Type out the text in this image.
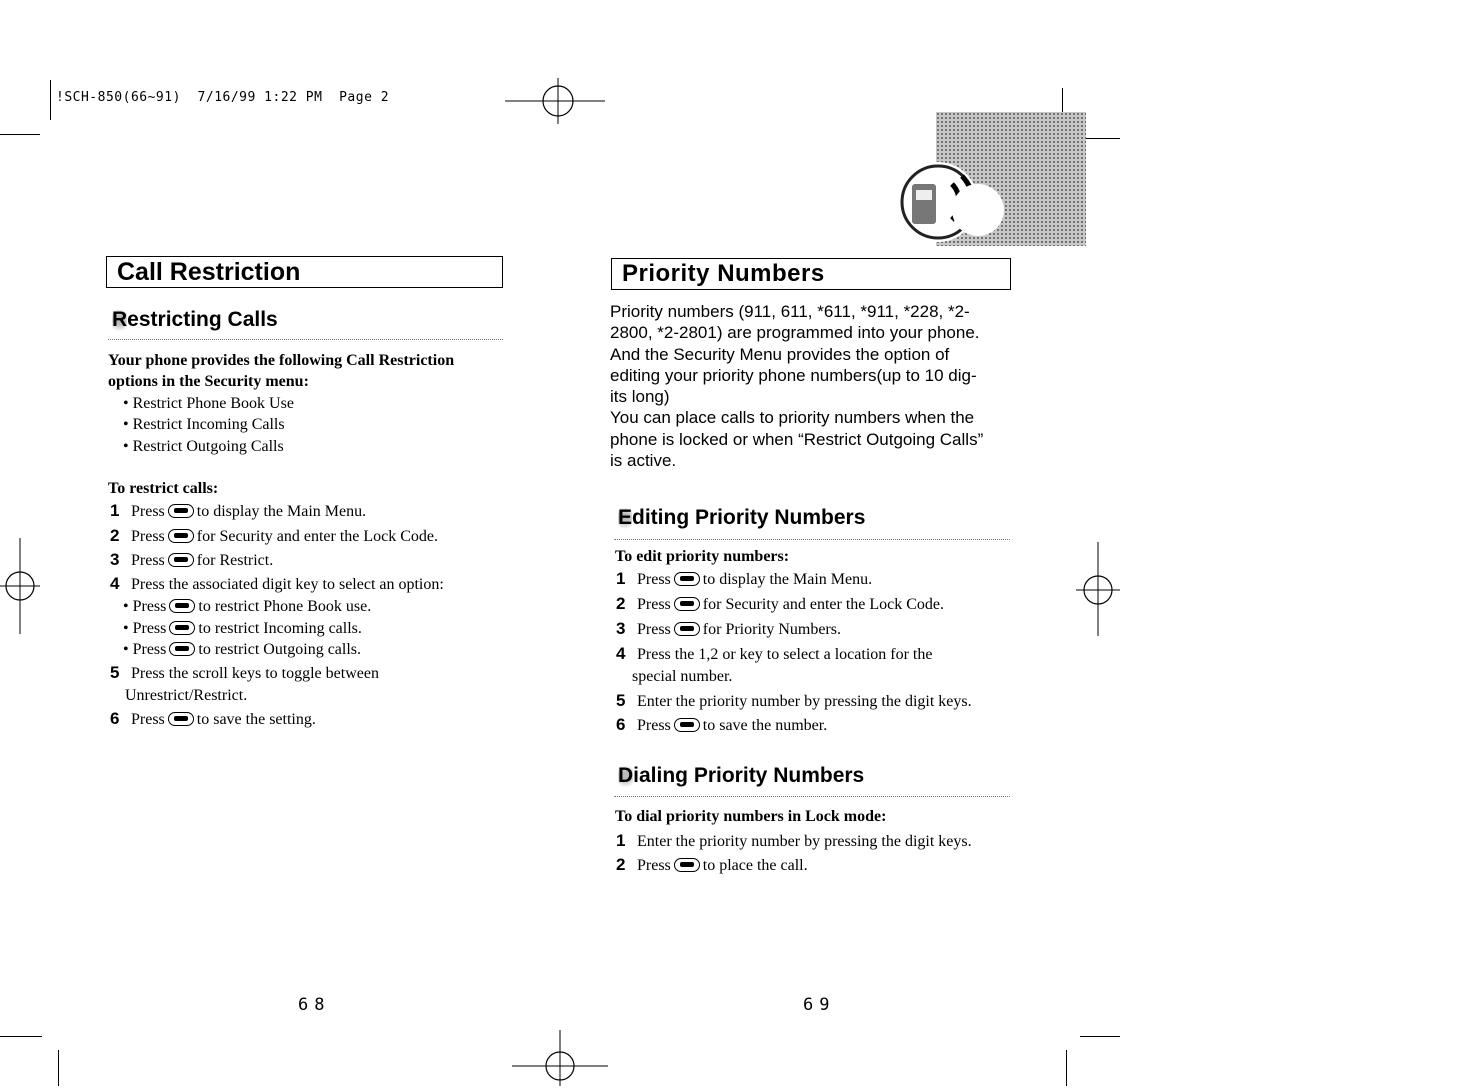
!SCH-850(66~91)  7/16/99 1:22 PM  Page 2
Call Restriction
Restricting Calls
Your phone provides the following Call Restriction
options in the Security menu:
• Restrict Phone Book Use
• Restrict Incoming Calls
• Restrict Outgoing Calls
To restrict calls:
1 Press to display the Main Menu.
2 Press for Security and enter the Lock Code.
3 Press for Restrict.
4 Press the associated digit key to select an option:
• Press to restrict Phone Book use.
• Press to restrict Incoming calls.
• Press to restrict Outgoing calls.
5 Press the scroll keys to toggle between
Unrestrict/Restrict.
6 Press to save the setting.
68
Priority Numbers
Priority numbers (911, 611, *611, *911, *228, *2-
2800, *2-2801) are programmed into your phone.
And the Security Menu provides the option of
editing your priority phone numbers(up to 10 dig-
its long)
You can place calls to priority numbers when the
phone is locked or when “Restrict Outgoing Calls”
is active.
Editing Priority Numbers
To edit priority numbers:
1 Press to display the Main Menu.
2 Press for Security and enter the Lock Code.
3 Press for Priority Numbers.
4 Press the 1,2 or key to select a location for the
special number.
5 Enter the priority number by pressing the digit keys.
6 Press to save the number.
Dialing Priority Numbers
To dial priority numbers in Lock mode:
1 Enter the priority number by pressing the digit keys.
2 Press to place the call.
69
